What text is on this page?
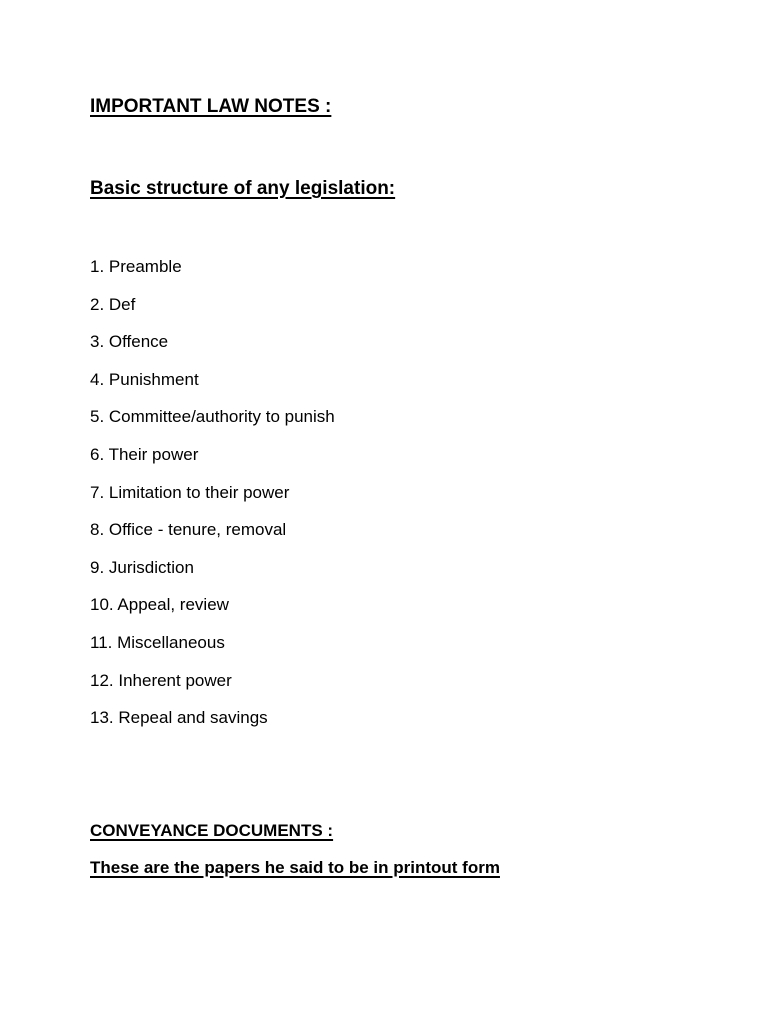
IMPORTANT LAW NOTES :
Basic structure of any legislation:
1. Preamble
2. Def
3. Offence
4. Punishment
5. Committee/authority to punish
6. Their power
7. Limitation to their power
8. Office - tenure, removal
9. Jurisdiction
10. Appeal, review
11. Miscellaneous
12. Inherent power
13. Repeal and savings
CONVEYANCE DOCUMENTS :
These are the papers he said to be in printout form
